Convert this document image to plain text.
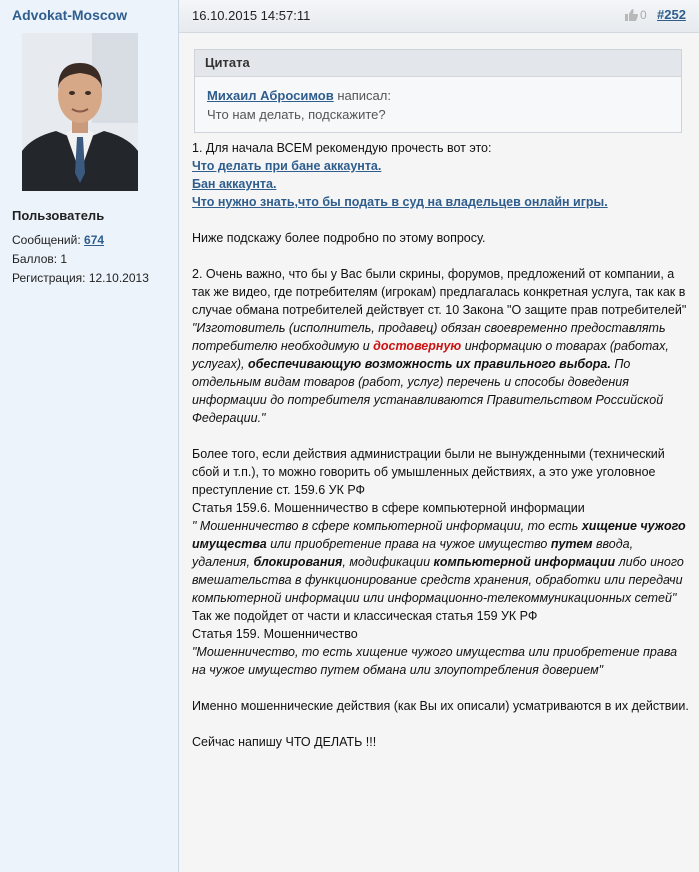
Advokat-Moscow
Пользователь
Сообщений: 674
Баллов: 1
Регистрация: 12.10.2013
16.10.2015 14:57:11	0 #252
Цитата
Михаил Абросимов написал:
Что нам делать, подскажите?

1. Для начала ВСЕМ рекомендую прочесть вот это:

Что делать при бане аккаунта.
Бан аккаунта.
Что нужно знать,что бы подать в суд на владельцев онлайн игры.

Ниже подскажу более подробно по этому вопросу.

2. Очень важно, что бы у Вас были скрины, форумов, предложений от компании, а так же видео, где потребителям (игрокам) предлагалась конкретная услуга, так как в случае обмана потребителей действует ст. 10 Закона "О защите прав потребителей"

"Изготовитель (исполнитель, продавец) обязан своевременно предоставлять потребителю необходимую и достоверную информацию о товарах (работах, услугах), обеспечивающую возможность их правильного выбора. По отдельным видам товаров (работ, услуг) перечень и способы доведения информации до потребителя устанавливаются Правительством Российской Федерации."

Более того, если действия администрации были не вынужденными (технический сбой и т.п.), то можно говорить об умышленных действиях, а это уже уголовное преступление ст. 159.6 УК РФ

Статья 159.6. Мошенничество в сфере компьютерной информации

" Мошенничество в сфере компьютерной информации, то есть хищение чужого имущества или приобретение права на чужое имущество путем ввода, удаления, блокирования, модификации компьютерной информации либо иного вмешательства в функционирование средств хранения, обработки или передачи компьютерной информации или информационно-телекоммуникационных сетей"

Так же подойдет от части и классическая статья 159 УК РФ

Статья 159. Мошенничество

"Мошенничество, то есть хищение чужого имущества или приобретение права на чужое имущество путем обмана или злоупотребления доверием"

Именно мошеннические действия (как Вы их описали) усматриваются в их действии.

Сейчас напишу ЧТО ДЕЛАТЬ !!!
